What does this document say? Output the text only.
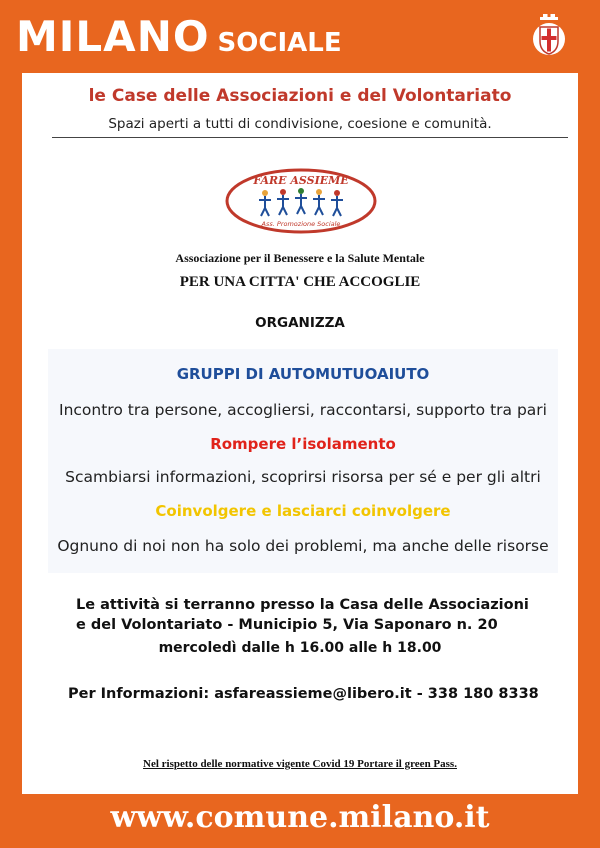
MILANO SOCIALE
le Case delle Associazioni e del Volontariato
Spazi aperti a tutti di condivisione, coesione e comunità.
FARE ASSIEME
Ass. Promozione Sociale
Associazione per il Benessere e la Salute Mentale
PER UNA CITTA' CHE ACCOGLIE
ORGANIZZA
GRUPPI DI AUTOMUTUOAIUTO
Incontro tra persone, accogliersi, raccontarsi, supporto tra pari
Rompere l’isolamento
Scambiarsi informazioni, scoprirsi risorsa per sé e per gli altri
Coinvolgere e lasciarci coinvolgere
Ognuno di noi non ha solo dei problemi, ma anche delle risorse
Le attività si terranno presso la Casa delle Associazioni
e del Volontariato - Municipio 5, Via Saponaro n. 20
mercoledì dalle h 16.00 alle h 18.00
Per Informazioni: asfareassieme@libero.it - 338 180 8338
Nel rispetto delle normative vigente Covid 19 Portare il green Pass.
www.comune.milano.it
